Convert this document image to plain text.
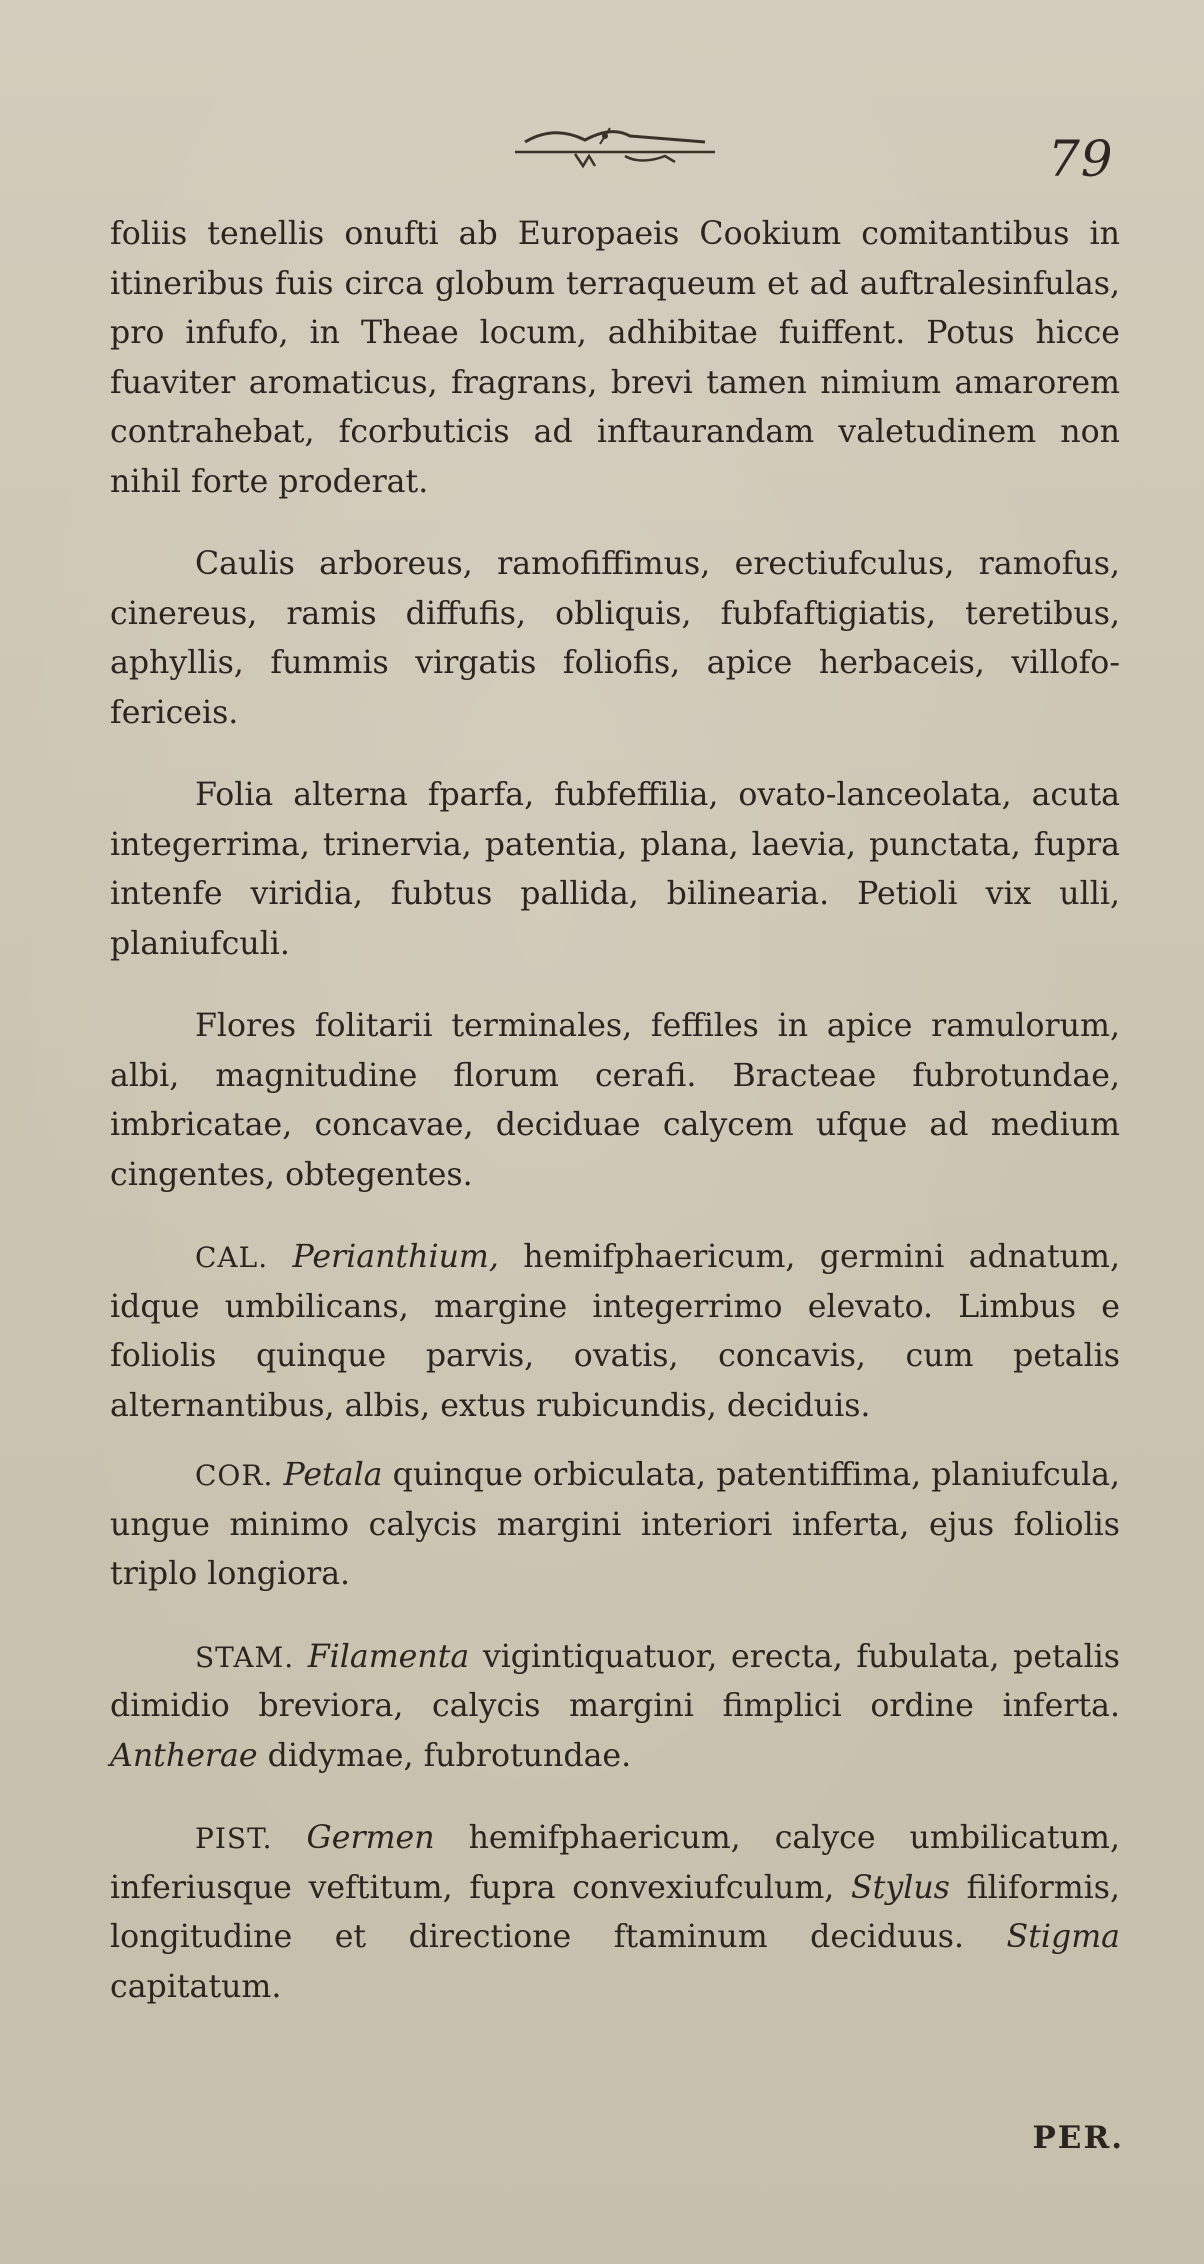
79

foliis tenellis onufti ab Europaeis Cookium comitantibus in itineribus fuis circa globum terraqueum et ad auftralesinfulas, pro infufo, in Theae locum, adhibitae fuiffent. Potus hicce fuaviter aromaticus, fragrans, brevi tamen nimium amarorem contrahebat, fcorbuticis ad inftaurandam valetudinem non nihil forte proderat.

Caulis arboreus, ramofiffimus, erectiufculus, ramofus, cinereus, ramis diffufis, obliquis, fubfaftigiatis, teretibus, aphyllis, fummis virgatis foliofis, apice herbaceis, villofo-fericeis.

Folia alterna fparfa, fubfeffilia, ovato-lanceolata, acuta integerrima, trinervia, patentia, plana, laevia, punctata, fupra intenfe viridia, fubtus pallida, bilinearia. Petioli vix ulli, planiufculi.

Flores folitarii terminales, feffiles in apice ramulorum, albi, magnitudine florum cerafi. Bracteae fubrotundae, imbricatae, concavae, deciduae calycem ufque ad medium cingentes, obtegentes.

CAL. Perianthium, hemifphaericum, germini adnatum, idque umbilicans, margine integerrimo elevato. Limbus e foliolis quinque parvis, ovatis, concavis, cum petalis alternantibus, albis, extus rubicundis, deciduis.

COR. Petala quinque orbiculata, patentiffima, planiufcula, ungue minimo calycis margini interiori inferta, ejus foliolis triplo longiora.

STAM. Filamenta vigintiquatuor, erecta, fubulata, petalis dimidio breviora, calycis margini fimplici ordine inferta. Antherae didymae, fubrotundae.

PIST. Germen hemifphaericum, calyce umbilicatum, inferiusque veftitum, fupra convexiufculum, Stylus filiformis, longitudine et directione ftaminum deciduus. Stigma capitatum.

PER.
